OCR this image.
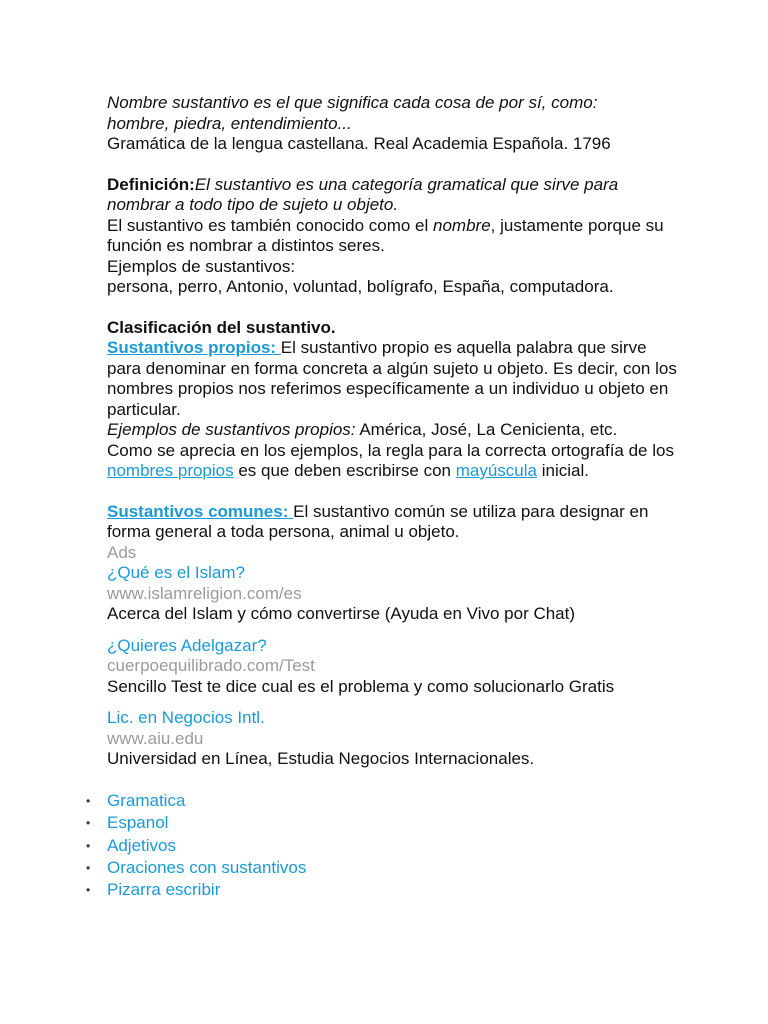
Nombre sustantivo es el que significa cada cosa de por sí, como:

hombre, piedra, entendimiento...

Gramática de la lengua castellana. Real Academia Española. 1796

Definición:El sustantivo es una categoría gramatical que sirve para nombrar a todo tipo de sujeto u objeto.

El sustantivo es también conocido como el nombre, justamente porque su función es nombrar a distintos seres.

Ejemplos de sustantivos:

persona, perro, Antonio, voluntad, bolígrafo, España, computadora.

Clasificación del sustantivo.

Sustantivos propios: El sustantivo propio es aquella palabra que sirve para denominar en forma concreta a algún sujeto u objeto. Es decir, con los nombres propios nos referimos específicamente a un individuo u objeto en particular.

Ejemplos de sustantivos propios: América, José, La Cenicienta, etc.

Como se aprecia en los ejemplos, la regla para la correcta ortografía de los nombres propios es que deben escribirse con mayúscula inicial.

Sustantivos comunes: El sustantivo común se utiliza para designar en forma general a toda persona, animal u objeto.

Ads

¿Qué es el Islam?

www.islamreligion.com/es

Acerca del Islam y cómo convertirse (Ayuda en Vivo por Chat)

¿Quieres Adelgazar?

cuerpoequilibrado.com/Test

Sencillo Test te dice cual es el problema y como solucionarlo Gratis

Lic. en Negocios Intl.

www.aiu.edu

Universidad en Línea, Estudia Negocios Internacionales.

• Gramatica
• Espanol
• Adjetivos
• Oraciones con sustantivos
• Pizarra escribir
